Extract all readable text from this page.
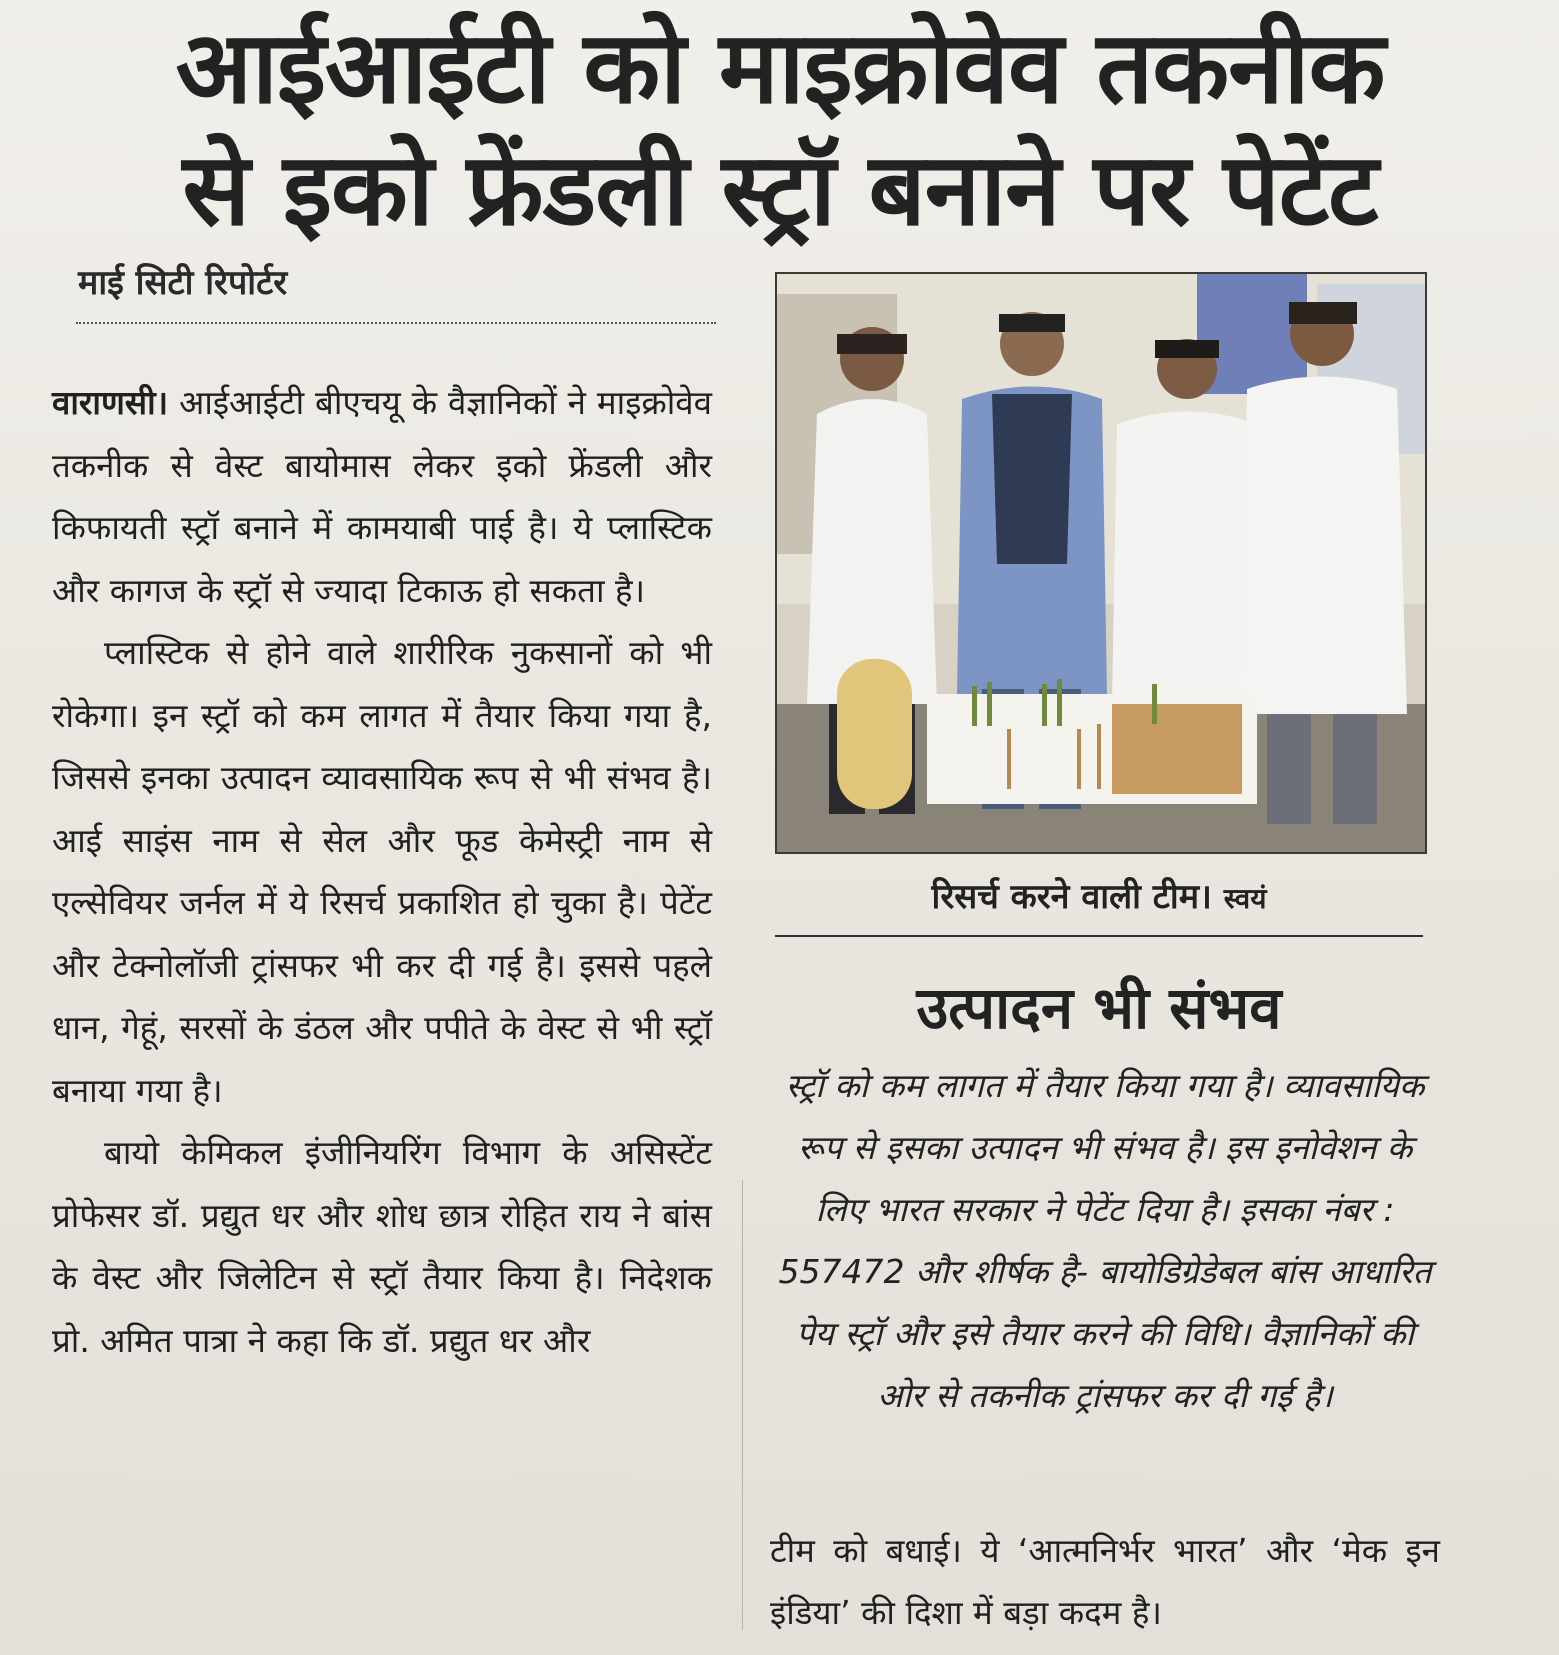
आईआईटी को माइक्रोवेव तकनीक
से इको फ्रेंडली स्ट्रॉ बनाने पर पेटेंट
माई सिटी रिपोर्टर

वाराणसी। आईआईटी बीएचयू के वैज्ञानिकों ने माइक्रोवेव तकनीक से वेस्ट बायोमास लेकर इको फ्रेंडली और किफायती स्ट्रॉ बनाने में कामयाबी पाई है। ये प्लास्टिक और कागज के स्ट्रॉ से ज्यादा टिकाऊ हो सकता है।

प्लास्टिक से होने वाले शारीरिक नुकसानों को भी रोकेगा। इन स्ट्रॉ को कम लागत में तैयार किया गया है, जिससे इनका उत्पादन व्यावसायिक रूप से भी संभव है। आई साइंस नाम से सेल और फूड केमेस्ट्री नाम से एल्सेवियर जर्नल में ये रिसर्च प्रकाशित हो चुका है। पेटेंट और टेक्नोलॉजी ट्रांसफर भी कर दी गई है। इससे पहले धान, गेहूं, सरसों के डंठल और पपीते के वेस्ट से भी स्ट्रॉ बनाया गया है।

बायो केमिकल इंजीनियरिंग विभाग के असिस्टेंट प्रोफेसर डॉ. प्रद्युत धर और शोध छात्र रोहित राय ने बांस के वेस्ट और जिलेटिन से स्ट्रॉ तैयार किया है। निदेशक प्रो. अमित पात्रा ने कहा कि डॉ. प्रद्युत धर और

रिसर्च करने वाली टीम। स्वयं
उत्पादन भी संभव
स्ट्रॉ को कम लागत में तैयार किया गया है। व्यावसायिक रूप से इसका उत्पादन भी संभव है। इस इनोवेशन के लिए भारत सरकार ने पेटेंट दिया है। इसका नंबर : 557472 और शीर्षक है- बायोडिग्रेडेबल बांस आधारित पेय स्ट्रॉ और इसे तैयार करने की विधि। वैज्ञानिकों की ओर से तकनीक ट्रांसफर कर दी गई है।
टीम को बधाई। ये ‘आत्मनिर्भर भारत’ और ‘मेक इन इंडिया’ की दिशा में बड़ा कदम है।
